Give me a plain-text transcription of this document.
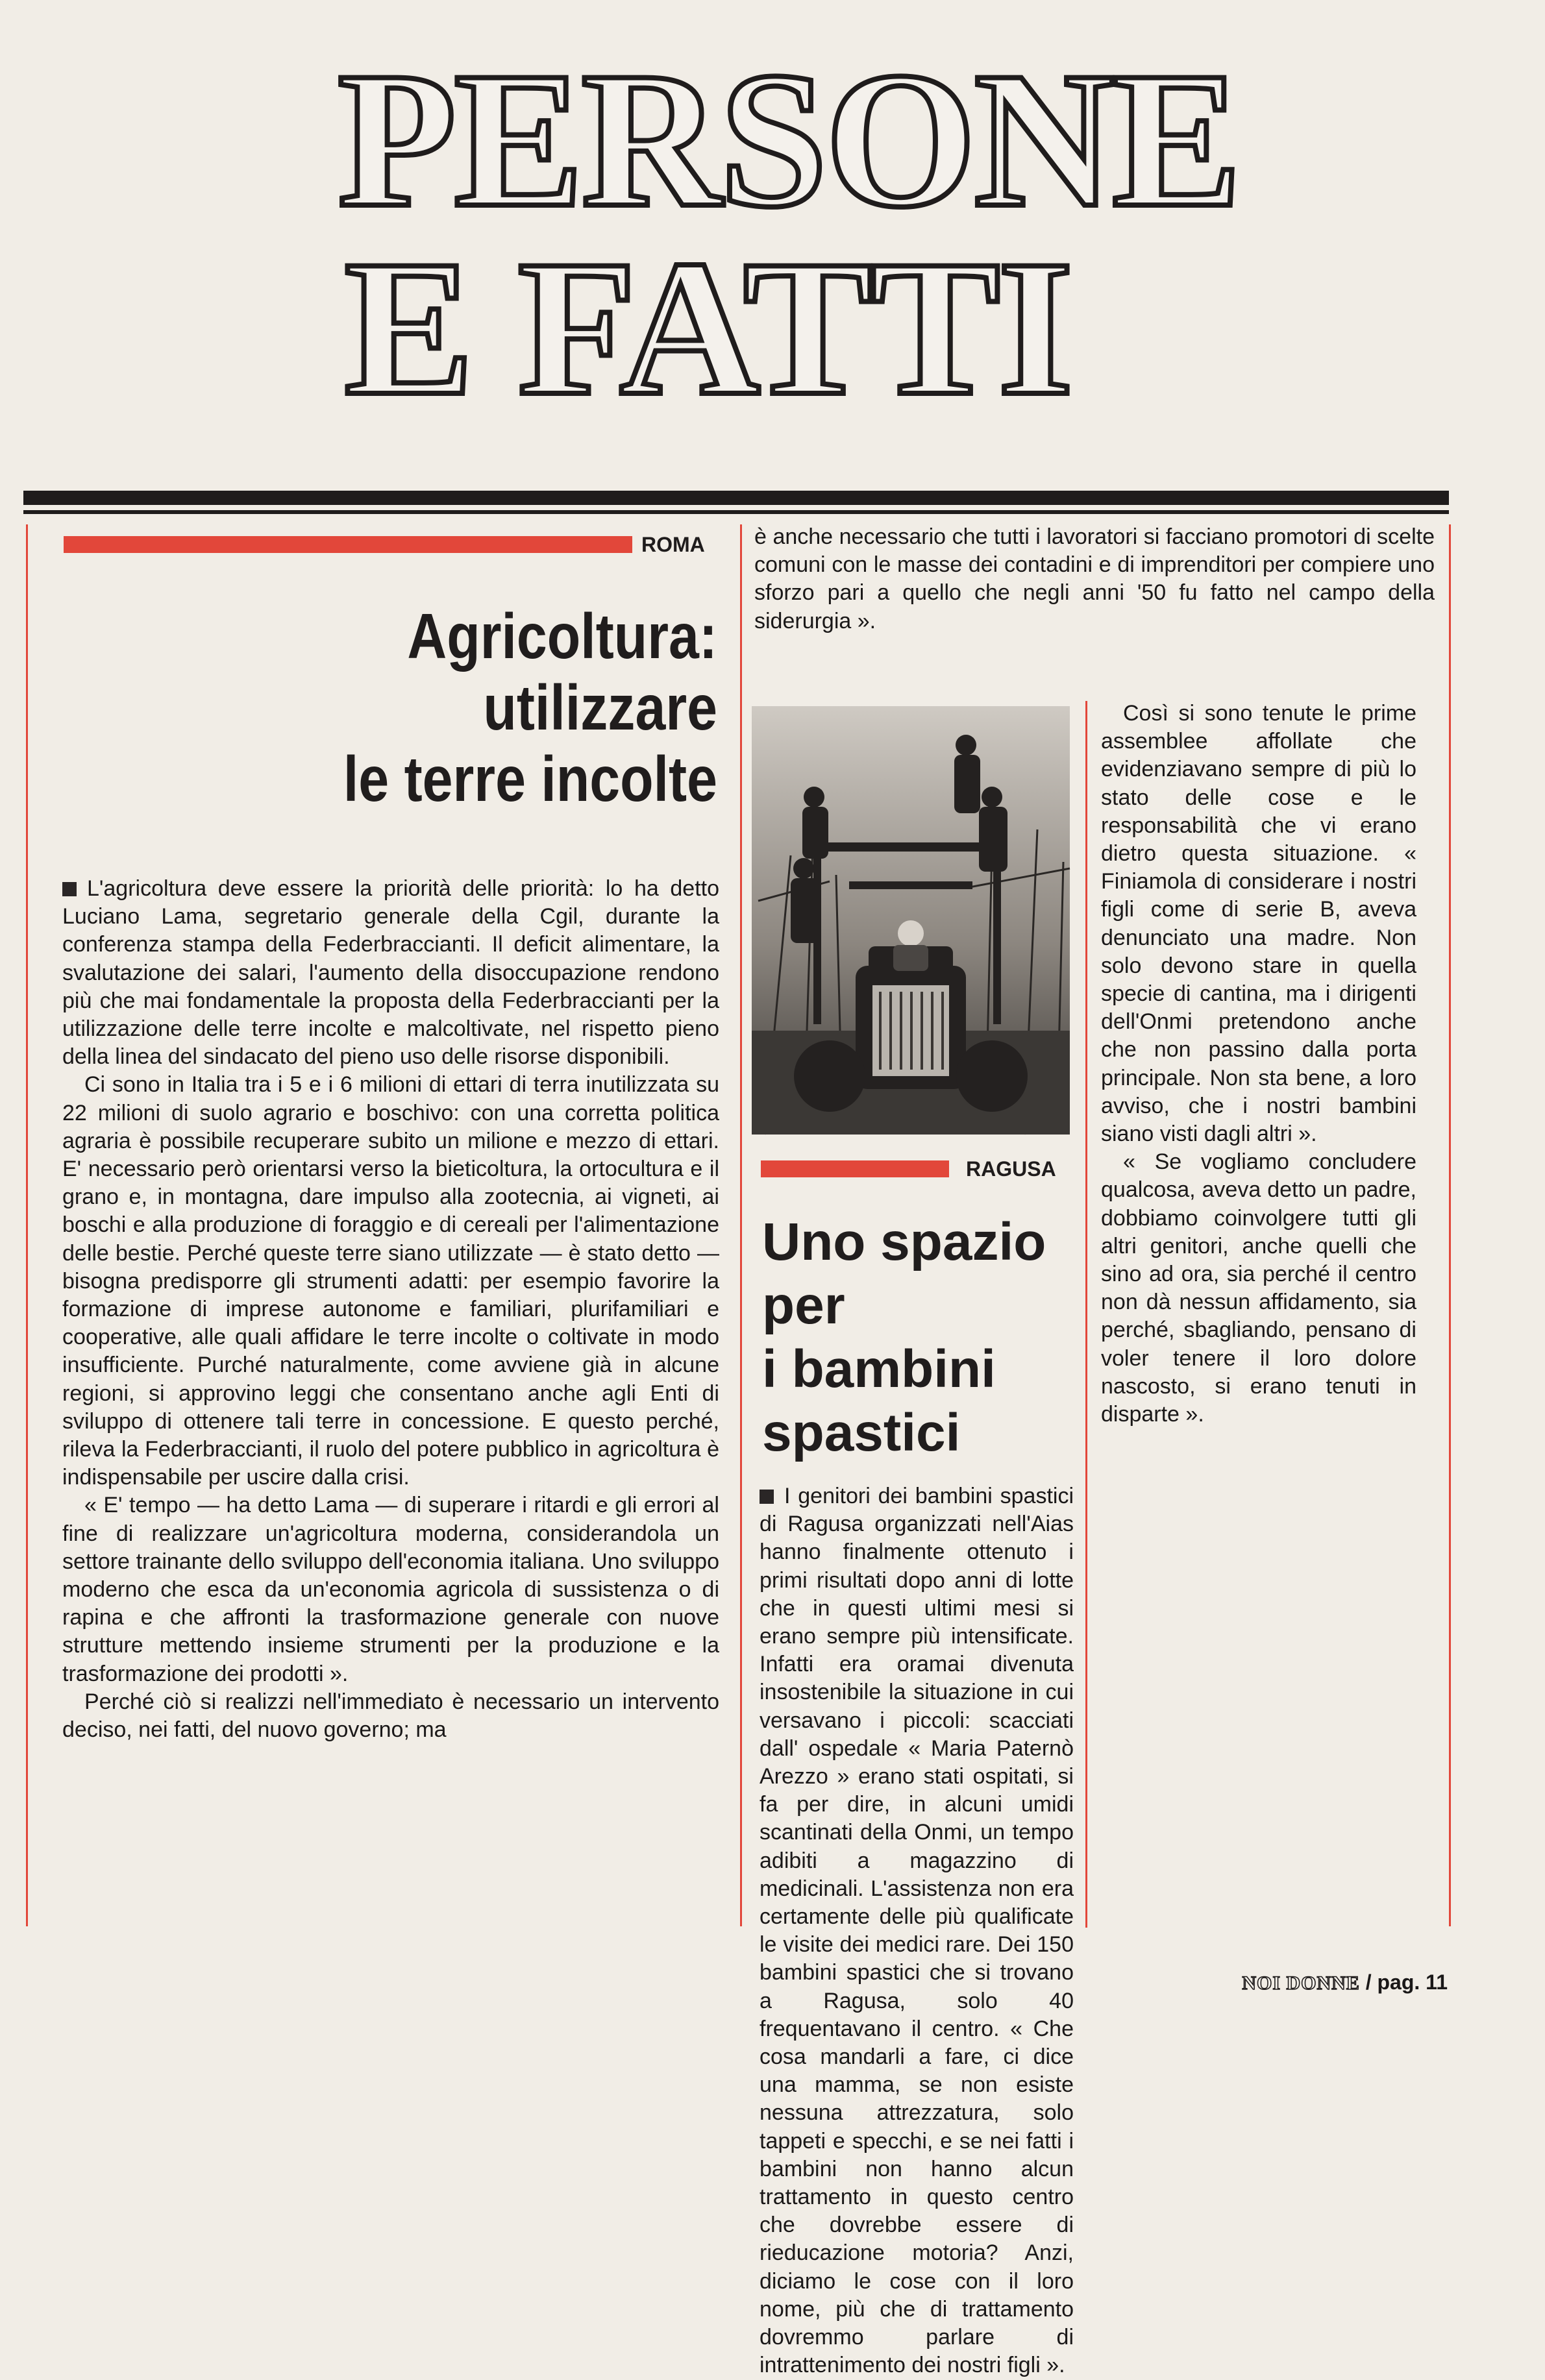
PERSONE
E FATTI
ROMA
Agricoltura:
utilizzare
le terre incolte

L'agricoltura deve essere la priorità delle priorità: lo ha detto Luciano Lama, segretario generale della Cgil, durante la conferenza stampa della Federbraccianti. Il deficit alimentare, la svalutazione dei salari, l'aumento della disoccupazione rendono più che mai fondamentale la proposta della Federbraccianti per la utilizzazione delle terre incolte e malcoltivate, nel rispetto pieno della linea del sindacato del pieno uso delle risorse disponibili.

Ci sono in Italia tra i 5 e i 6 milioni di ettari di terra inutilizzata su 22 milioni di suolo agrario e boschivo: con una corretta politica agraria è possibile recuperare subito un milione e mezzo di ettari. E' necessario però orientarsi verso la bieticoltura, la ortocultura e il grano e, in montagna, dare impulso alla zootecnia, ai vigneti, ai boschi e alla produzione di foraggio e di cereali per l'alimentazione delle bestie. Perché queste terre siano utilizzate — è stato detto — bisogna predisporre gli strumenti adatti: per esempio favorire la formazione di imprese autonome e familiari, plurifamiliari e cooperative, alle quali affidare le terre incolte o coltivate in modo insufficiente. Purché naturalmente, come avviene già in alcune regioni, si approvino leggi che consentano anche agli Enti di sviluppo di ottenere tali terre in concessione. E questo perché, rileva la Federbraccianti, il ruolo del potere pubblico in agricoltura è indispensabile per uscire dalla crisi.

« E' tempo — ha detto Lama — di superare i ritardi e gli errori al fine di realizzare un'agricoltura moderna, considerandola un settore trainante dello sviluppo dell'economia italiana. Uno sviluppo moderno che esca da un'economia agricola di sussistenza o di rapina e che affronti la trasformazione generale con nuove strutture mettendo insieme strumenti per la produzione e la trasformazione dei prodotti ».

Perché ciò si realizzi nell'immediato è necessario un intervento deciso, nei fatti, del nuovo governo; ma

è anche necessario che tutti i lavoratori si facciano promotori di scelte comuni con le masse dei contadini e di imprenditori per compiere uno sforzo pari a quello che negli anni '50 fu fatto nel campo della siderurgia ».

RAGUSA
Uno spazio
per
i bambini
spastici

I genitori dei bambini spastici di Ragusa organizzati nell'Aias hanno finalmente ottenuto i primi risultati dopo anni di lotte che in questi ultimi mesi si erano sempre più intensificate. Infatti era oramai divenuta insostenibile la situazione in cui versavano i piccoli: scacciati dall' ospedale « Maria Paternò Arezzo » erano stati ospitati, si fa per dire, in alcuni umidi scantinati della Onmi, un tempo adibiti a magazzino di medicinali. L'assistenza non era certamente delle più qualificate le visite dei medici rare. Dei 150 bambini spastici che si trovano a Ragusa, solo 40 frequentavano il centro. « Che cosa mandarli a fare, ci dice una mamma, se non esiste nessuna attrezzatura, solo tappeti e specchi, e se nei fatti i bambini non hanno alcun trattamento in questo centro che dovrebbe essere di rieducazione motoria? Anzi, diciamo le cose con il loro nome, più che di trattamento dovremmo parlare di intrattenimento dei nostri figli ».

Così si sono tenute le prime assemblee affollate che evidenziavano sempre di più lo stato delle cose e le responsabilità che vi erano dietro questa situazione. « Finiamola di considerare i nostri figli come di serie B, aveva denunciato una madre. Non solo devono stare in quella specie di cantina, ma i dirigenti dell'Onmi pretendono anche che non passino dalla porta principale. Non sta bene, a loro avviso, che i nostri bambini siano visti dagli altri ».

« Se vogliamo concludere qualcosa, aveva detto un padre, dobbiamo coinvolgere tutti gli altri genitori, anche quelli che sino ad ora, sia perché il centro non dà nessun affidamento, sia perché, sbagliando, pensano di voler tenere il loro dolore nascosto, si erano tenuti in disparte ».

NOI DONNE / pag. 11
